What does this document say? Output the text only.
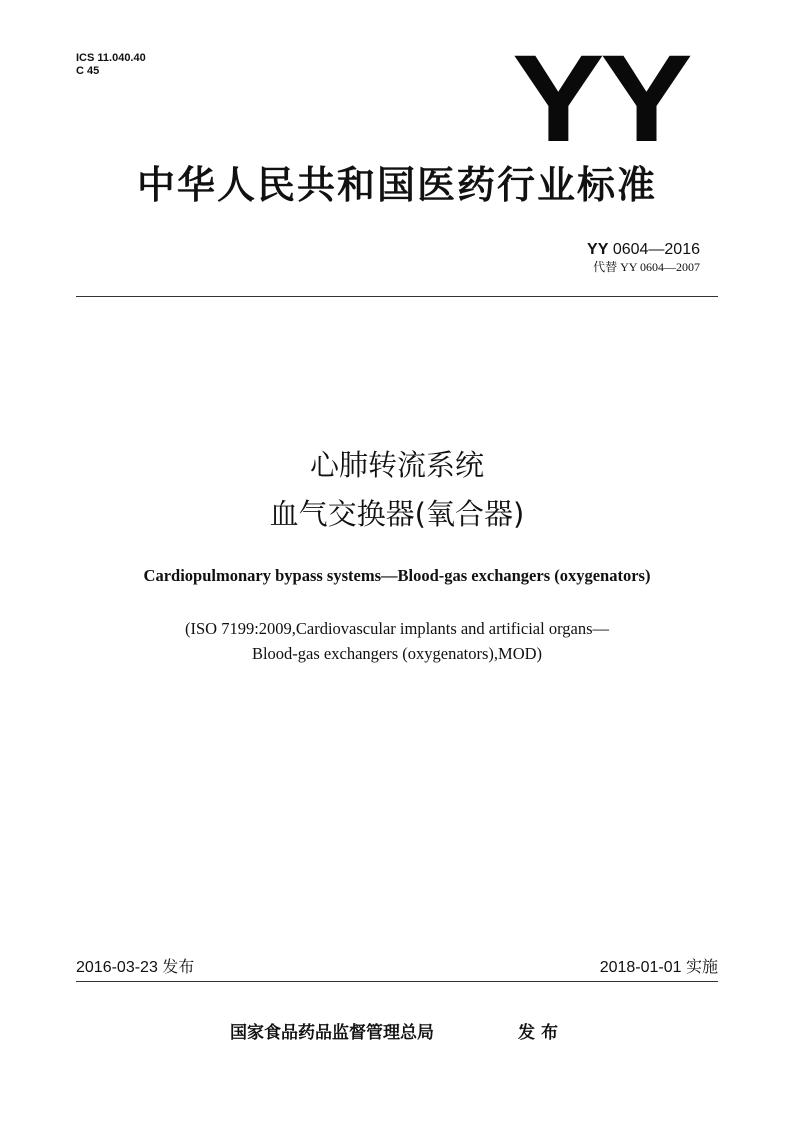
ICS 11.040.40
C 45	YY
中华人民共和国医药行业标准
YY 0604—2016
代替 YY 0604—2007
心肺转流系统
血气交换器(氧合器)
Cardiopulmonary bypass systems—Blood-gas exchangers (oxygenators)
(ISO 7199:2009,Cardiovascular implants and artificial organs—
Blood-gas exchangers (oxygenators),MOD)
2016-03-23 发布	2018-01-01 实施
国家食品药品监督管理总局	发布
